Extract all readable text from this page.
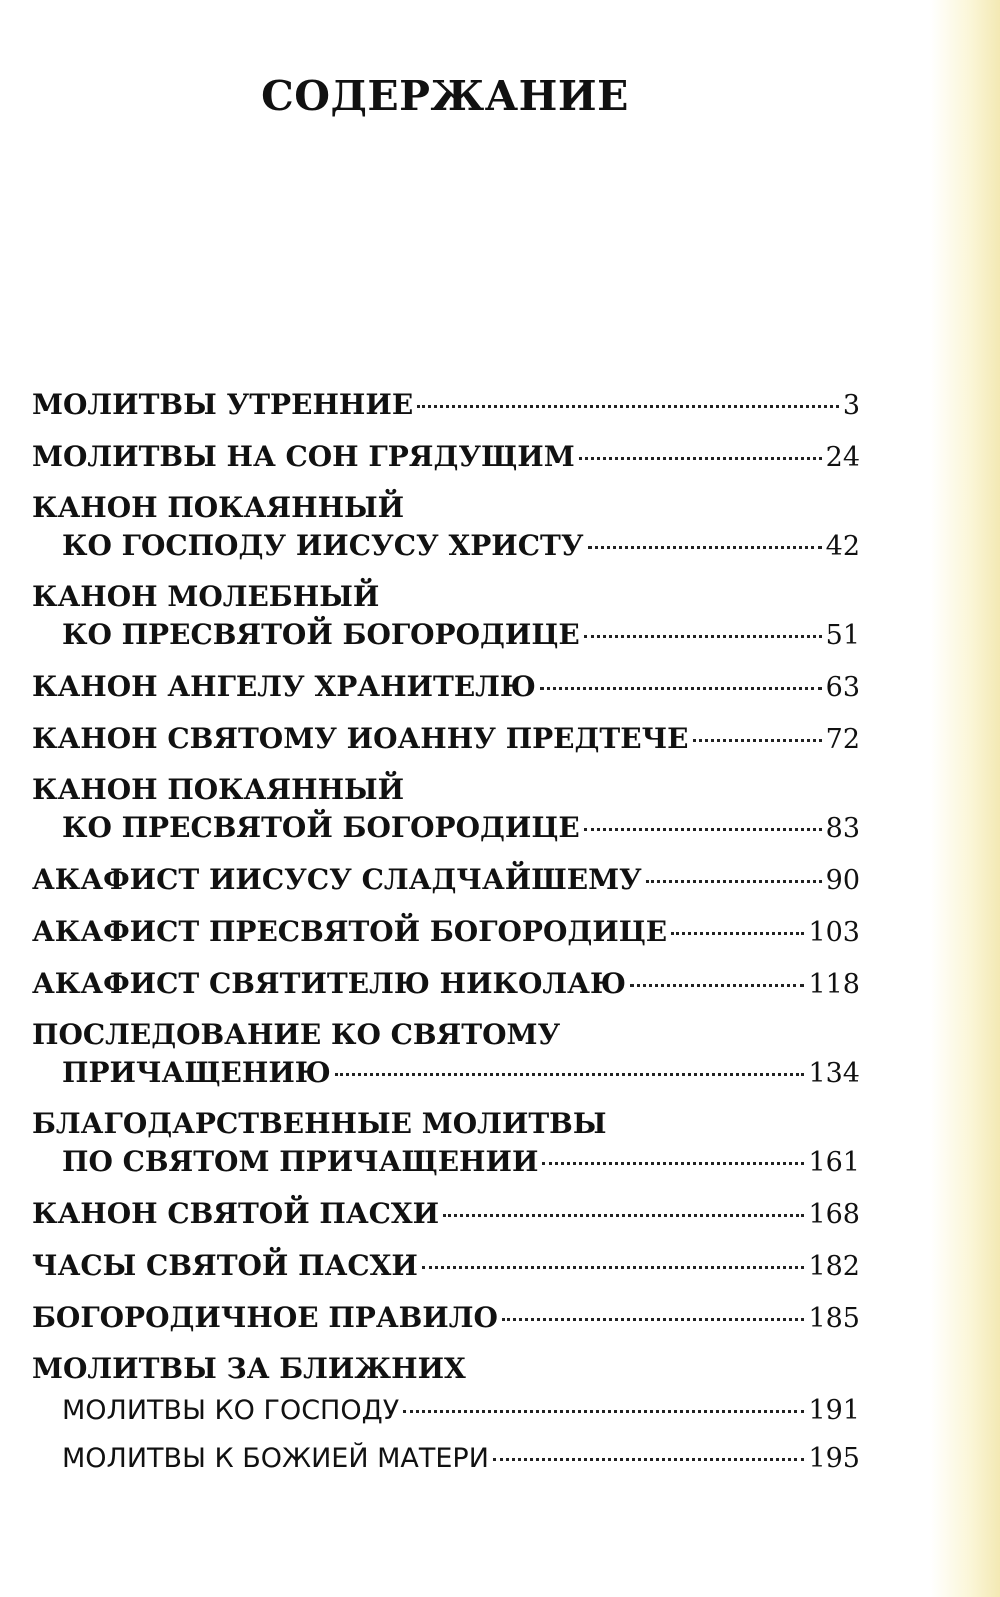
СОДЕРЖАНИЕ
МОЛИТВЫ УТРЕННИЕ	3
МОЛИТВЫ НА СОН ГРЯДУЩИМ	24
КАНОН ПОКАЯННЫЙ
КО ГОСПОДУ ИИСУСУ ХРИСТУ	42
КАНОН МОЛЕБНЫЙ
КО ПРЕСВЯТОЙ БОГОРОДИЦЕ	51
КАНОН АНГЕЛУ ХРАНИТЕЛЮ	63
КАНОН СВЯТОМУ ИОАННУ ПРЕДТЕЧЕ	72
КАНОН ПОКАЯННЫЙ
КО ПРЕСВЯТОЙ БОГОРОДИЦЕ	83
АКАФИСТ ИИСУСУ СЛАДЧАЙШЕМУ	90
АКАФИСТ ПРЕСВЯТОЙ БОГОРОДИЦЕ	103
АКАФИСТ СВЯТИТЕЛЮ НИКОЛАЮ	118
ПОСЛЕДОВАНИЕ КО СВЯТОМУ
ПРИЧАЩЕНИЮ	134
БЛАГОДАРСТВЕННЫЕ МОЛИТВЫ
ПО СВЯТОМ ПРИЧАЩЕНИИ	161
КАНОН СВЯТОЙ ПАСХИ	168
ЧАСЫ СВЯТОЙ ПАСХИ	182
БОГОРОДИЧНОЕ ПРАВИЛО	185
МОЛИТВЫ ЗА БЛИЖНИХ
МОЛИТВЫ КО ГОСПОДУ	191
МОЛИТВЫ К БОЖИЕЙ МАТЕРИ	195
